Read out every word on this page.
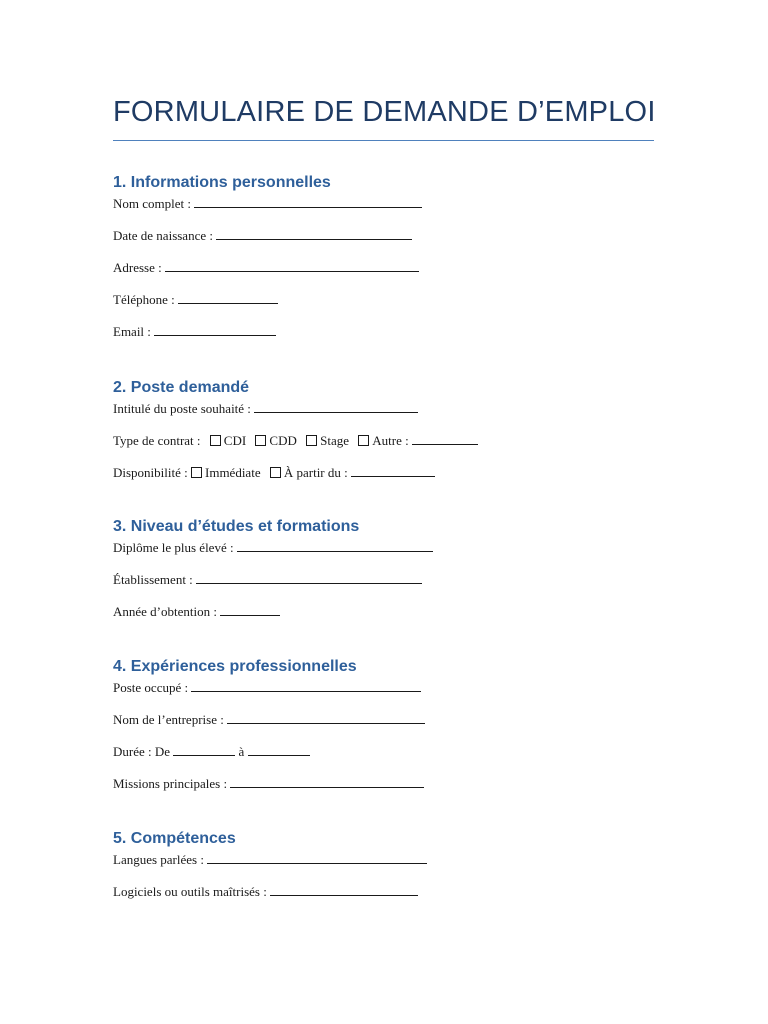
FORMULAIRE DE DEMANDE D’EMPLOI
1. Informations personnelles
Nom complet :
Date de naissance :
Adresse :
Téléphone :
Email :
2. Poste demandé
Intitulé du poste souhaité :
Type de contrat : CDI CDD Stage Autre :
Disponibilité : Immédiate À partir du :
3. Niveau d’études et formations
Diplôme le plus élevé :
Établissement :
Année d’obtention :
4. Expériences professionnelles
Poste occupé :
Nom de l’entreprise :
Durée : De	à
Missions principales :
5. Compétences
Langues parlées :
Logiciels ou outils maîtrisés :
